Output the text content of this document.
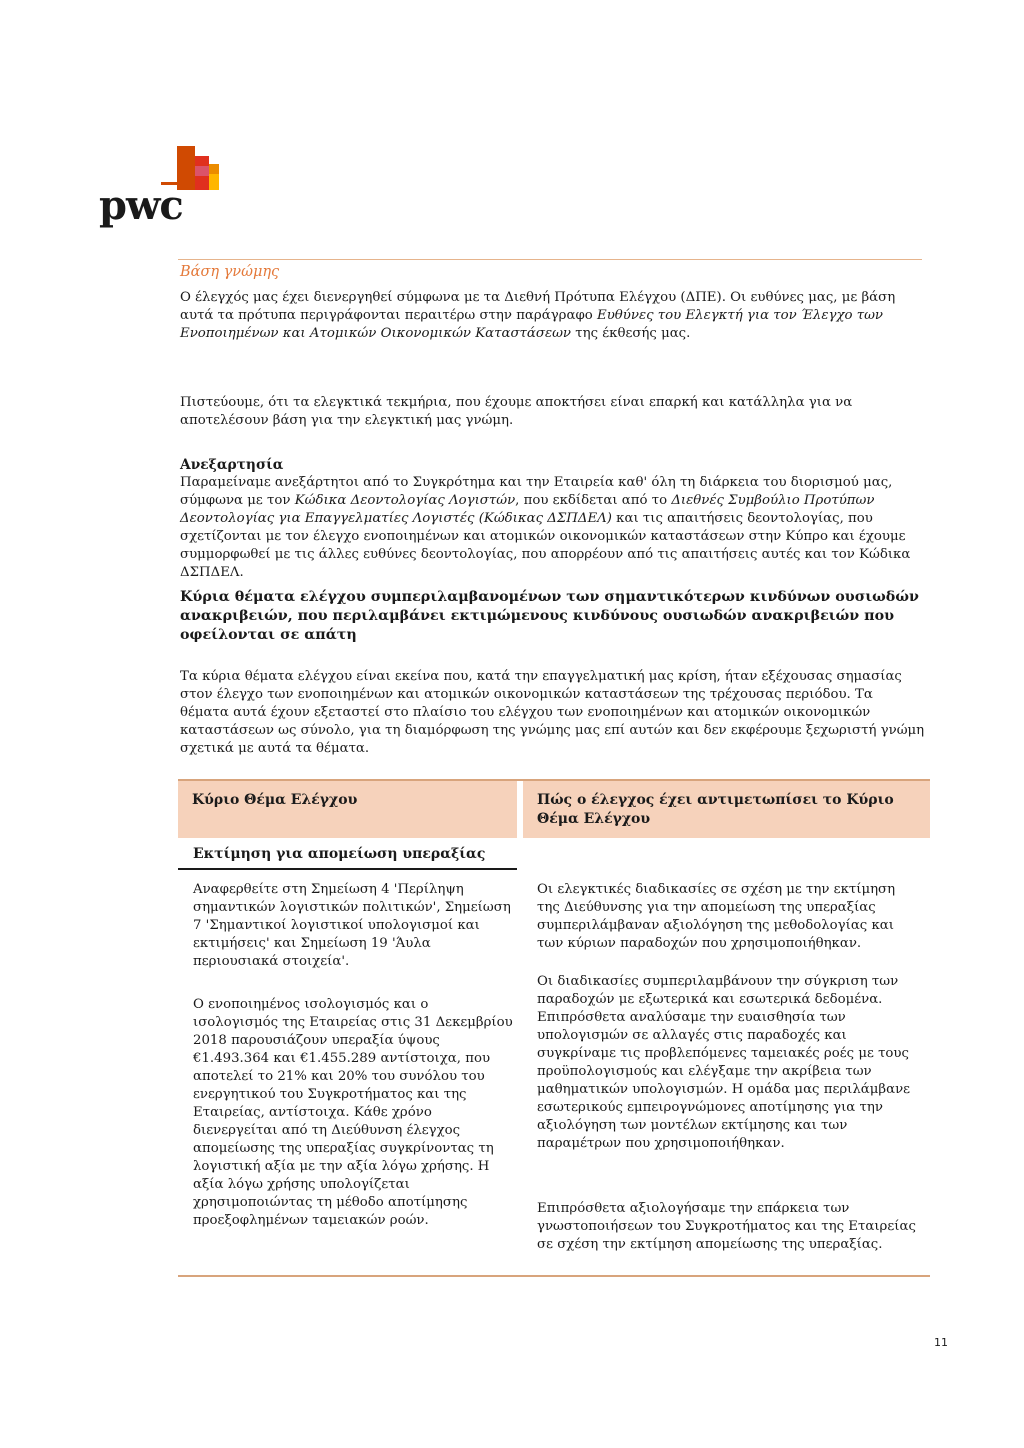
pwc
Βάση γνώμης

Ο έλεγχός μας έχει διενεργηθεί σύμφωνα με τα Διεθνή Πρότυπα Ελέγχου (ΔΠΕ). Οι ευθύνες μας, με βάση αυτά τα πρότυπα περιγράφονται περαιτέρω στην παράγραφο Ευθύνες του Ελεγκτή για τον Έλεγχο των Ενοποιημένων και Ατομικών Οικονομικών Καταστάσεων της έκθεσής μας.

Πιστεύουμε, ότι τα ελεγκτικά τεκμήρια, που έχουμε αποκτήσει είναι επαρκή και κατάλληλα για να αποτελέσουν βάση για την ελεγκτική μας γνώμη.

Ανεξαρτησία

Παραμείναμε ανεξάρτητοι από το Συγκρότημα και την Εταιρεία καθ' όλη τη διάρκεια του διορισμού μας, σύμφωνα με τον Κώδικα Δεοντολογίας Λογιστών, που εκδίδεται από το Διεθνές Συμβούλιο Προτύπων Δεοντολογίας για Επαγγελματίες Λογιστές (Κώδικας ΔΣΠΔΕΛ) και τις απαιτήσεις δεοντολογίας, που σχετίζονται με τον έλεγχο ενοποιημένων και ατομικών οικονομικών καταστάσεων στην Κύπρο και έχουμε συμμορφωθεί με τις άλλες ευθύνες δεοντολογίας, που απορρέουν από τις απαιτήσεις αυτές και τον Κώδικα ΔΣΠΔΕΛ.

Κύρια θέματα ελέγχου συμπεριλαμβανομένων των σημαντικότερων κινδύνων ουσιωδών ανακριβειών, που περιλαμβάνει εκτιμώμενους κινδύνους ουσιωδών ανακριβειών που οφείλονται σε απάτη

Τα κύρια θέματα ελέγχου είναι εκείνα που, κατά την επαγγελματική μας κρίση, ήταν εξέχουσας σημασίας στον έλεγχο των ενοποιημένων και ατομικών οικονομικών καταστάσεων της τρέχουσας περιόδου. Τα θέματα αυτά έχουν εξεταστεί στο πλαίσιο του ελέγχου των ενοποιημένων και ατομικών οικονομικών καταστάσεων ως σύνολο, για τη διαμόρφωση της γνώμης μας επί αυτών και δεν εκφέρουμε ξεχωριστή γνώμη σχετικά με αυτά τα θέματα.

Κύριο Θέμα Ελέγχου	Πώς ο έλεγχος έχει αντιμετωπίσει το Κύριο Θέμα Ελέγχου
Εκτίμηση για απομείωση υπεραξίας

Αναφερθείτε στη Σημείωση 4 'Περίληψη σημαντικών λογιστικών πολιτικών', Σημείωση 7 'Σημαντικοί λογιστικοί υπολογισμοί και εκτιμήσεις' και Σημείωση 19 'Άυλα περιουσιακά στοιχεία'.

Ο ενοποιημένος ισολογισμός και ο ισολογισμός της Εταιρείας στις 31 Δεκεμβρίου 2018 παρουσιάζουν υπεραξία ύψους €1.493.364 και €1.455.289 αντίστοιχα, που αποτελεί το 21% και 20% του συνόλου του ενεργητικού του Συγκροτήματος και της Εταιρείας, αντίστοιχα. Κάθε χρόνο διενεργείται από τη Διεύθυνση έλεγχος απομείωσης της υπεραξίας συγκρίνοντας τη λογιστική αξία με την αξία λόγω χρήσης. Η αξία λόγω χρήσης υπολογίζεται χρησιμοποιώντας τη μέθοδο αποτίμησης προεξοφλημένων ταμειακών ροών.

Οι ελεγκτικές διαδικασίες σε σχέση με την εκτίμηση της Διεύθυνσης για την απομείωση της υπεραξίας συμπεριλάμβαναν αξιολόγηση της μεθοδολογίας και των κύριων παραδοχών που χρησιμοποιήθηκαν.

Οι διαδικασίες συμπεριλαμβάνουν την σύγκριση των παραδοχών με εξωτερικά και εσωτερικά δεδομένα. Επιπρόσθετα αναλύσαμε την ευαισθησία των υπολογισμών σε αλλαγές στις παραδοχές και συγκρίναμε τις προβλεπόμενες ταμειακές ροές με τους προϋπολογισμούς και ελέγξαμε την ακρίβεια των μαθηματικών υπολογισμών. Η ομάδα μας περιλάμβανε εσωτερικούς εμπειρογνώμονες αποτίμησης για την αξιολόγηση των μοντέλων εκτίμησης και των παραμέτρων που χρησιμοποιήθηκαν.

Επιπρόσθετα αξιολογήσαμε την επάρκεια των γνωστοποιήσεων του Συγκροτήματος και της Εταιρείας σε σχέση την εκτίμηση απομείωσης της υπεραξίας.

11
